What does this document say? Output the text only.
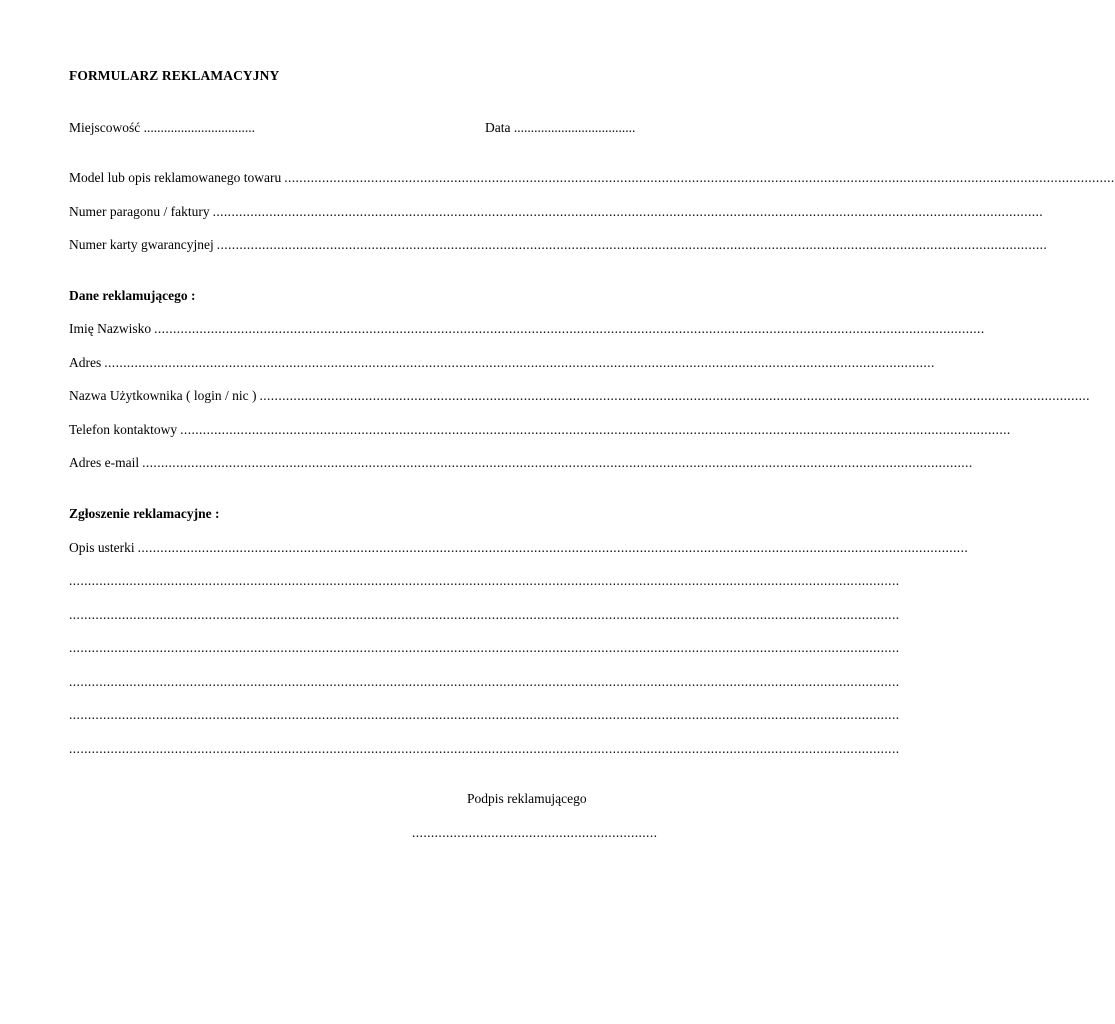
FORMULARZ REKLAMACYJNY
Miejscowość .................................	Data ....................................
Model lub opis reklamowanego towaru ............................................................................................................................................................................................................................
Numer paragonu / faktury ............................................................................................................................................................................................................................
Numer karty gwarancyjnej ............................................................................................................................................................................................................................
Dane reklamującego :
Imię Nazwisko ............................................................................................................................................................................................................................
Adres ............................................................................................................................................................................................................................
Nazwa Użytkownika ( login / nic ) ............................................................................................................................................................................................................................
Telefon kontaktowy ............................................................................................................................................................................................................................
Adres e-mail ............................................................................................................................................................................................................................
Zgłoszenie reklamacyjne :
Opis usterki ............................................................................................................................................................................................................................
............................................................................................................................................................................................................................
............................................................................................................................................................................................................................
............................................................................................................................................................................................................................
............................................................................................................................................................................................................................
............................................................................................................................................................................................................................
............................................................................................................................................................................................................................
Podpis reklamującego
.................................................................
